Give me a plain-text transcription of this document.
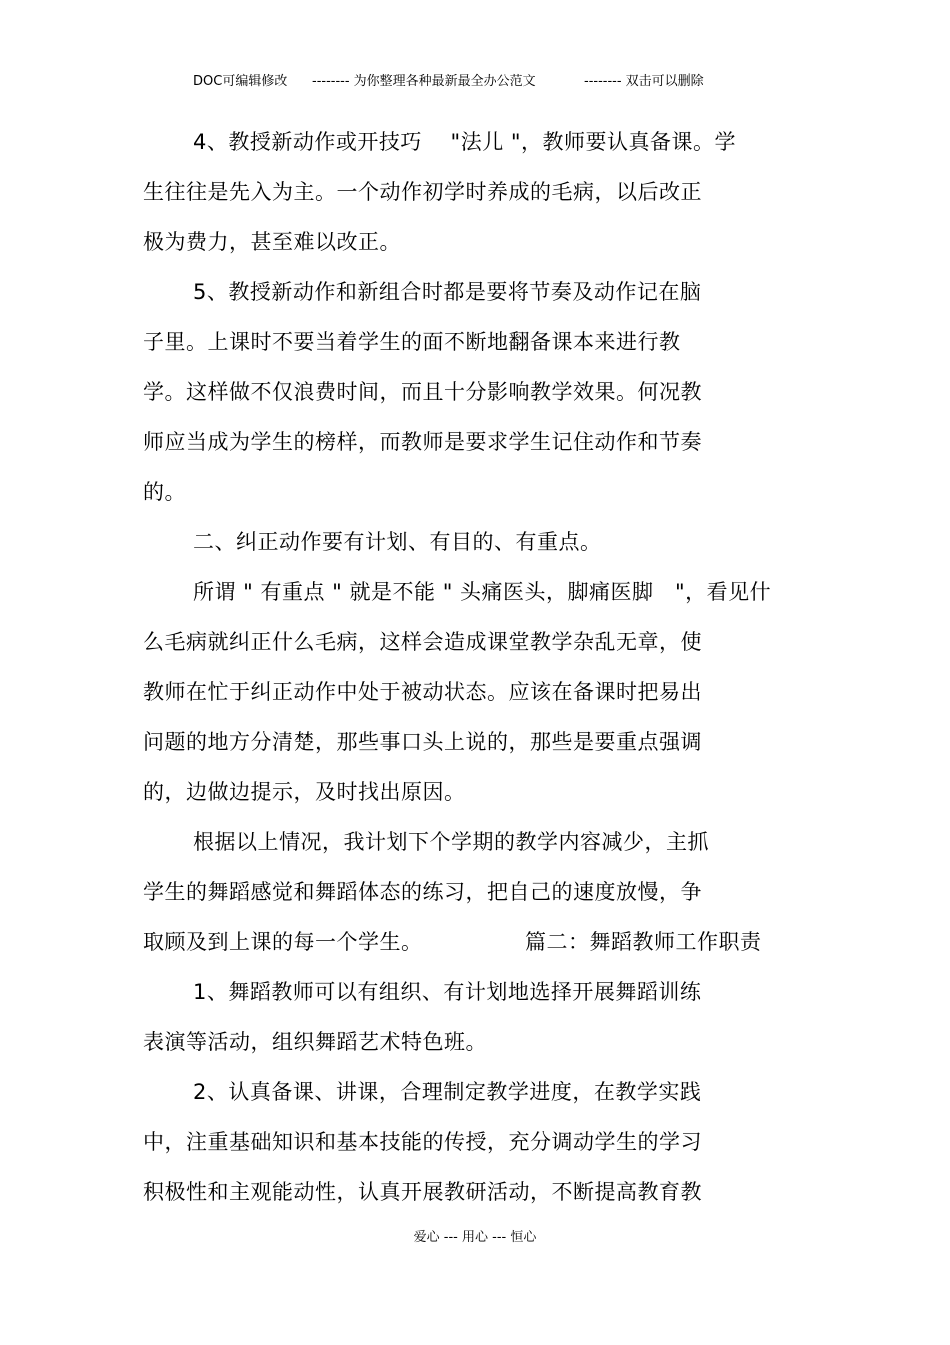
DOC可编辑修改

-------- 为你整理各种最新最全办公范文

	-------- 双击可以删除

4、教授新动作或开技巧　 "法儿 "，教师要认真备课。学
生往往是先入为主。一个动作初学时养成的毛病，以后改正
极为费力，甚至难以改正。
5、教授新动作和新组合时都是要将节奏及动作记在脑
子里。上课时不要当着学生的面不断地翻备课本来进行教
学。这样做不仅浪费时间，而且十分影响教学效果。何况教
师应当成为学生的榜样，而教师是要求学生记住动作和节奏
的。
二、纠正动作要有计划、有目的、有重点。
所谓 " 有重点 " 就是不能 " 头痛医头，脚痛医脚　"，看见什
么毛病就纠正什么毛病，这样会造成课堂教学杂乱无章，使
教师在忙于纠正动作中处于被动状态。应该在备课时把易出
问题的地方分清楚，那些事口头上说的，那些是要重点强调
的，边做边提示，及时找出原因。
根据以上情况，我计划下个学期的教学内容减少，主抓
学生的舞蹈感觉和舞蹈体态的练习，把自己的速度放慢，争
取顾及到上课的每一个学生。	篇二：舞蹈教师工作职责
1、舞蹈教师可以有组织、有计划地选择开展舞蹈训练
表演等活动，组织舞蹈艺术特色班。
2、认真备课、讲课，合理制定教学进度，在教学实践
中，注重基础知识和基本技能的传授，充分调动学生的学习
积极性和主观能动性，认真开展教研活动，不断提高教育教
爱心 --- 用心 --- 恒心
